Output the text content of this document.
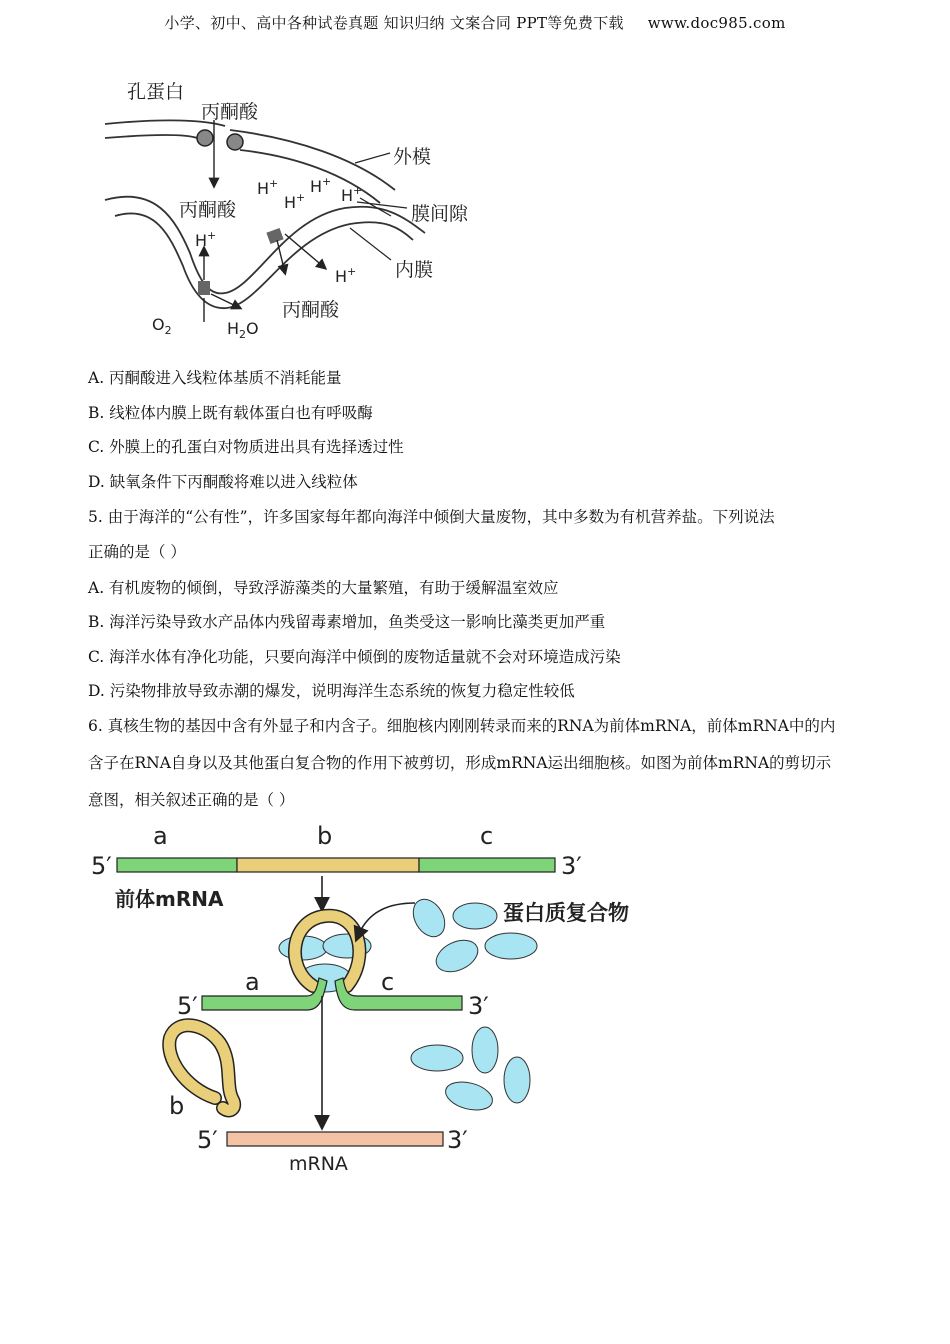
小学、初中、高中各种试卷真题 知识归纳 文案合同 PPT等免费下载 www.doc985.com
孔蛋白
丙酮酸
外模
膜间隙
内膜
丙酮酸
丙酮酸
H+ H+
H+ H+
H+
H+
$O_2$	$H_2O$
A. 丙酮酸进入线粒体基质不消耗能量
B. 线粒体内膜上既有载体蛋白也有呼吸酶
C. 外膜上的孔蛋白对物质进出具有选择透过性
D. 缺氧条件下丙酮酸将难以进入线粒体
5. 由于海洋的“公有性”，许多国家每年都向海洋中倾倒大量废物，其中多数为有机营养盐。下列说法
正确的是（ ）
A. 有机废物的倾倒，导致浮游藻类的大量繁殖，有助于缓解温室效应
B. 海洋污染导致水产品体内残留毒素增加，鱼类受这一影响比藻类更加严重
C. 海洋水体有净化功能，只要向海洋中倾倒的废物适量就不会对环境造成污染
D. 污染物排放导致赤潮的爆发，说明海洋生态系统的恢复力稳定性较低
6. 真核生物的基因中含有外显子和内含子。细胞核内刚刚转录而来的RNA为前体mRNA，前体mRNA中的内
含子在RNA自身以及其他蛋白复合物的作用下被剪切，形成mRNA运出细胞核。如图为前体mRNA的剪切示
意图，相关叙述正确的是（ ）
a	b	c
5′	3′
前体mRNA
蛋白质复合物
a	c
5′	3′
b
5′	3′
mRNA
